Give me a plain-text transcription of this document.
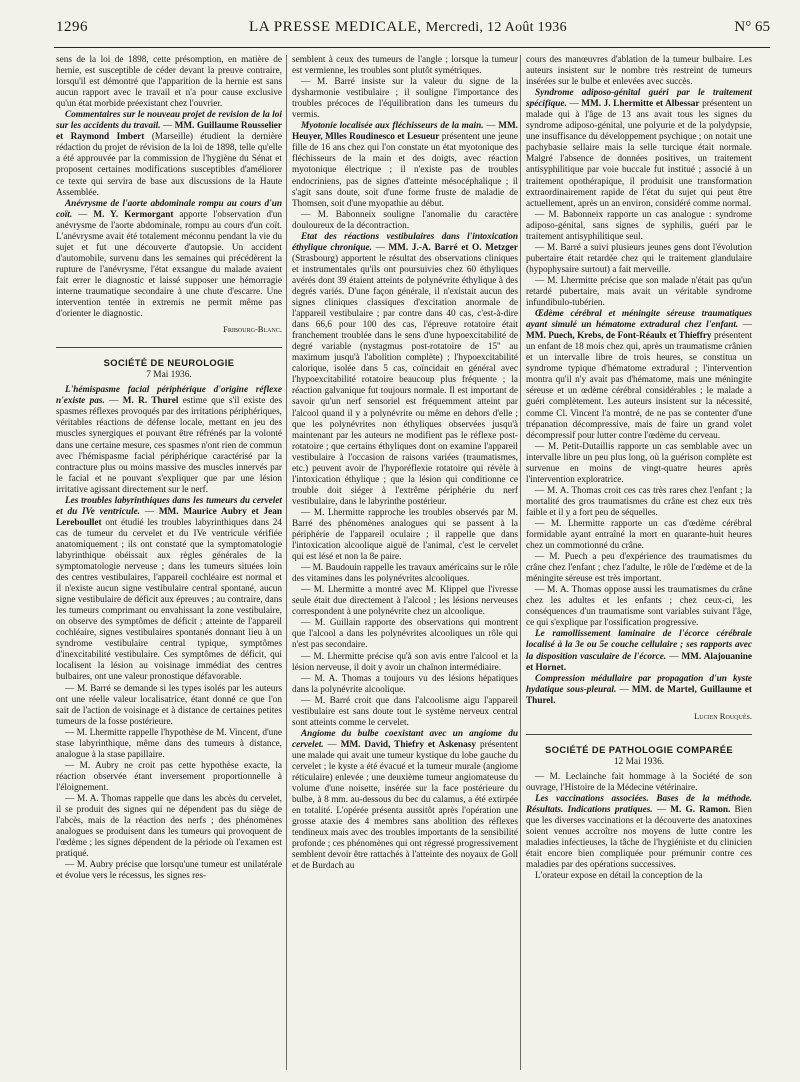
1296	LA PRESSE MEDICALE, Mercredi, 12 Août 1936	N° 65

sens de la loi de 1898, cette présomption, en matière de hernie, est susceptible de céder devant la preuve contraire, lorsqu'il est démontré que l'apparition de la hernie est sans aucun rapport avec le travail et n'a pour cause exclusive qu'un état morbide préexistant chez l'ouvrier.

Commentaires sur le nouveau projet de revision de la loi sur les accidents du travail. — MM. Guillaume Rousselier et Raymond Imbert (Marseille) étudient la dernière rédaction du projet de révision de la loi de 1898, telle qu'elle a été approuvée par la commission de l'hygiène du Sénat et proposent certaines modifications susceptibles d'améliorer ce texte qui servira de base aux discussions de la Haute Assemblée.

Anévrysme de l'aorte abdominale rompu au cours d'un coït. — M. Y. Kermorgant apporte l'observation d'un anévrysme de l'aorte abdominale, rompu au cours d'un coït. L'anévrysme avait été totalement méconnu pendant la vie du sujet et fut une découverte d'autopsie. Un accident d'automobile, survenu dans les semaines qui précédèrent la rupture de l'anévrysme, l'état exsangue du malade avaient fait errer le diagnostic et laissé supposer une hémorragie interne traumatique secondaire à une chute d'escarre. Une intervention tentée in extremis ne permit même pas d'orienter le diagnostic.

Fribourg-Blanc.

SOCIÉTÉ DE NEUROLOGIE
7 Mai 1936.

L'hémispasme facial périphérique d'origine réflexe n'existe pas. — M. R. Thurel estime que s'il existe des spasmes réflexes provoqués par des irritations périphériques, véritables réactions de défense locale, mettant en jeu des muscles synergiques et pouvant être réfrénés par la volonté dans une certaine mesure, ces spasmes n'ont rien de commun avec l'hémispasme facial périphérique caractérisé par la contracture plus ou moins massive des muscles innervés par le facial et ne pouvant s'expliquer que par une lésion irritative agissant directement sur le nerf.

Les troubles labyrinthiques dans les tumeurs du cervelet et du IVe ventricule. — MM. Maurice Aubry et Jean Lereboullet ont étudié les troubles labyrinthiques dans 24 cas de tumeur du cervelet et du IVe ventricule vérifiée anatomiquement ; ils ont constaté que la symptomatologie labyrinthique obéissait aux règles générales de la symptomatologie nerveuse ; dans les tumeurs situées loin des centres vestibulaires, l'appareil cochléaire est normal et il n'existe aucun signe vestibulaire central spontané, aucun signe vestibulaire de déficit aux épreuves ; au contraire, dans les tumeurs comprimant ou envahissant la zone vestibulaire, on observe des symptômes de déficit ; atteinte de l'appareil cochléaire, signes vestibulaires spontanés donnant lieu à un syndrome vestibulaire central typique, symptômes d'inexcitabilité vestibulaire. Ces symptômes de déficit, qui localisent la lésion au voisinage immédiat des centres bulbaires, ont une valeur pronostique défavorable.

— M. Barré se demande si les types isolés par les auteurs ont une réelle valeur localisatrice, étant donné ce que l'on sait de l'action de voisinage et à distance de certaines petites tumeurs de la fosse postérieure.

— M. Lhermitte rappelle l'hypothèse de M. Vincent, d'une stase labyrinthique, même dans des tumeurs à distance, analogue à la stase papillaire.

— M. Aubry ne croit pas cette hypothèse exacte, la réaction observée étant inversement proportionnelle à l'éloignement.

— M. A. Thomas rappelle que dans les abcès du cervelet, il se produit des signes qui ne dépendent pas du siège de l'abcès, mais de la réaction des nerfs ; des phénomènes analogues se produisent dans les tumeurs qui provoquent de l'œdème ; les signes dépendent de la période où l'examen est pratiqué.

— M. Aubry précise que lorsqu'une tumeur est unilatérale et évolue vers le récessus, les signes res-

semblent à ceux des tumeurs de l'angle ; lorsque la tumeur est vermienne, les troubles sont plutôt symétriques.

— M. Barré insiste sur la valeur du signe de la dysharmonie vestibulaire ; il souligne l'importance des troubles précoces de l'équilibration dans les tumeurs du vermis.

Myotonie localisée aux fléchisseurs de la main. — MM. Heuyer, Mlles Roudinesco et Lesueur présentent une jeune fille de 16 ans chez qui l'on constate un état myotonique des fléchisseurs de la main et des doigts, avec réaction myotonique électrique ; il n'existe pas de troubles endocriniens, pas de signes d'atteinte mésocéphalique ; il s'agit sans doute, soit d'une forme fruste de maladie de Thomsen, soit d'une myopathie au début.

— M. Babonneix souligne l'anomalie du caractère douloureux de la décontraction.

Etat des réactions vestibulaires dans l'intoxication éthylique chronique. — MM. J.-A. Barré et O. Metzger (Strasbourg) apportent le résultat des observations cliniques et instrumentales qu'ils ont poursuivies chez 60 éthyliques avérés dont 39 étaient atteints de polynévrite éthylique à des degrés variés. D'une façon générale, il n'existait aucun des signes cliniques classiques d'excitation anormale de l'appareil vestibulaire ; par contre dans 40 cas, c'est-à-dire dans 66,6 pour 100 des cas, l'épreuve rotatoire était franchement troublée dans le sens d'une hypoexcitabilité de degré variable (nystagmus post-rotatoire de 15'' au maximum jusqu'à l'abolition complète) ; l'hypoexcitabilité calorique, isolée dans 5 cas, coïncidait en général avec l'hypoexcitabilité rotatoire beaucoup plus fréquente ; la réaction galvanique fut toujours normale. Il est important de savoir qu'un nerf sensoriel est fréquemment atteint par l'alcool quand il y a polynévrite ou même en dehors d'elle ; que les polynévrites non éthyliques observées jusqu'à maintenant par les auteurs ne modifient pas le réflexe post-rotatoire ; que certains éthyliques dont on examine l'appareil vestibulaire à l'occasion de raisons variées (traumatismes, etc.) peuvent avoir de l'hyporéflexie rotatoire qui révèle à l'intoxication éthylique ; que la lésion qui conditionne ce trouble doit siéger à l'extrême périphérie du nerf vestibulaire, dans le labyrinthe postérieur.

— M. Lhermitte rapproche les troubles observés par M. Barré des phénomènes analogues qui se passent à la périphérie de l'appareil oculaire ; il rappelle que dans l'intoxication alcoolique aiguë de l'animal, c'est le cervelet qui est lésé et non la 8e paire.

— M. Baudouin rappelle les travaux américains sur le rôle des vitamines dans les polynévrites alcooliques.

— M. Lhermitte a montré avec M. Klippel que l'ivresse seule était due directement à l'alcool ; les lésions nerveuses correspondent à une polynévrite chez un alcoolique.

— M. Guillain rapporte des observations qui montrent que l'alcool a dans les polynévrites alcooliques un rôle qui n'est pas secondaire.

— M. Lhermitte précise qu'à son avis entre l'alcool et la lésion nerveuse, il doit y avoir un chaînon intermédiaire.

— M. A. Thomas a toujours vu des lésions hépatiques dans la polynévrite alcoolique.

— M. Barré croit que dans l'alcoolisme aigu l'appareil vestibulaire est sans doute tout le système nerveux central sont atteints comme le cervelet.

Angiome du bulbe coexistant avec un angiome du cervelet. — MM. David, Thiefry et Askenasy présentent une malade qui avait une tumeur kystique du lobe gauche du cervelet ; le kyste a été évacué et la tumeur murale (angiome réticulaire) enlevée ; une deuxième tumeur angiomateuse du volume d'une noisette, insérée sur la face postérieure du bulbe, à 8 mm. au-dessous du bec du calamus, a été extirpée en totalité. L'opérée présenta aussitôt après l'opération une grosse ataxie des 4 membres sans abolition des réflexes tendineux mais avec des troubles importants de la sensibilité profonde ; ces phénomènes qui ont régressé progressivement semblent devoir être rattachés à l'atteinte des noyaux de Goll et de Burdach au

cours des manœuvres d'ablation de la tumeur bulbaire. Les auteurs insistent sur le nombre très restreint de tumeurs insérées sur le bulbe et enlevées avec succès.

Syndrome adiposo-génital guéri par le traitement spécifique. — MM. J. Lhermitte et Albessar présentent un malade qui à l'âge de 13 ans avait tous les signes du syndrome adiposo-génital, une polyurie et de la polydypsie, une insuffisance du développement psychique ; on notait une pachybasie sellaire mais la selle turcique était normale. Malgré l'absence de données positives, un traitement antisyphilitique par voie buccale fut institué ; associé à un traitement opothérapique, il produisit une transformation extraordinairement rapide de l'état du sujet qui peut être actuellement, après un an environ, considéré comme normal.

— M. Babonneix rapporte un cas analogue : syndrome adiposo-génital, sans signes de syphilis, guéri par le traitement antisyphilitique seul.

— M. Barré a suivi plusieurs jeunes gens dont l'évolution pubertaire était retardée chez qui le traitement glandulaire (hypophysaire surtout) a fait merveille.

— M. Lhermitte précise que son malade n'était pas qu'un retardé pubertaire, mais avait un véritable syndrome infundibulo-tubérien.

Œdème cérébral et méningite séreuse traumatiques ayant simulé un hématome extradural chez l'enfant. — MM. Puech, Krebs, de Font-Réaulx et Thieffry présentent un enfant de 18 mois chez qui, après un traumatisme crânien et un intervalle libre de trois heures, se constitua un syndrome typique d'hématome extradural ; l'intervention montra qu'il n'y avait pas d'hématome, mais une méningite séreuse et un œdème cérébral considérables ; le malade a guéri complètement. Les auteurs insistent sur la nécessité, comme Cl. Vincent l'a montré, de ne pas se contenter d'une trépanation décompressive, mais de faire un grand volet décompressif pour lutter contre l'œdème du cerveau.

— M. Petit-Dutaillis rapporte un cas semblable avec un intervalle libre un peu plus long, où la guérison complète est survenue en moins de vingt-quatre heures après l'intervention exploratrice.

— M. A. Thomas croit ces cas très rares chez l'enfant ; la mortalité des gros traumatismes du crâne est chez eux très faible et il y a fort peu de séquelles.

— M. Lhermitte rapporte un cas d'œdème cérébral formidable ayant entraîné la mort en quarante-huit heures chez un commotionné du crâne.

— M. Puech a peu d'expérience des traumatismes du crâne chez l'enfant ; chez l'adulte, le rôle de l'œdème et de la méningite séreuse est très important.

— M. A. Thomas oppose aussi les traumatismes du crâne chez les adultes et les enfants ; chez ceux-ci, les conséquences d'un traumatisme sont variables suivant l'âge, ce qui s'explique par l'ossification progressive.

Le ramollissement laminaire de l'écorce cérébrale localisé à la 3e ou 5e couche cellulaire ; ses rapports avec la disposition vasculaire de l'écorce. — MM. Alajouanine et Hornet.

Compression médullaire par propagation d'un kyste hydatique sous-pleural. — MM. de Martel, Guillaume et Thurel.

Lucien Rouquès.

SOCIÉTÉ DE PATHOLOGIE COMPARÉE
12 Mai 1936.

— M. Leclainche fait hommage à la Société de son ouvrage, l'Histoire de la Médecine vétérinaire.

Les vaccinations associées. Bases de la méthode. Résultats. Indications pratiques. — M. G. Ramon. Bien que les diverses vaccinations et la découverte des anatoxines soient venues accroître nos moyens de lutte contre les maladies infectieuses, la tâche de l'hygiéniste et du clinicien était encore bien compliquée pour prémunir contre ces maladies par des opérations successives.

L'orateur expose en détail la conception de la
